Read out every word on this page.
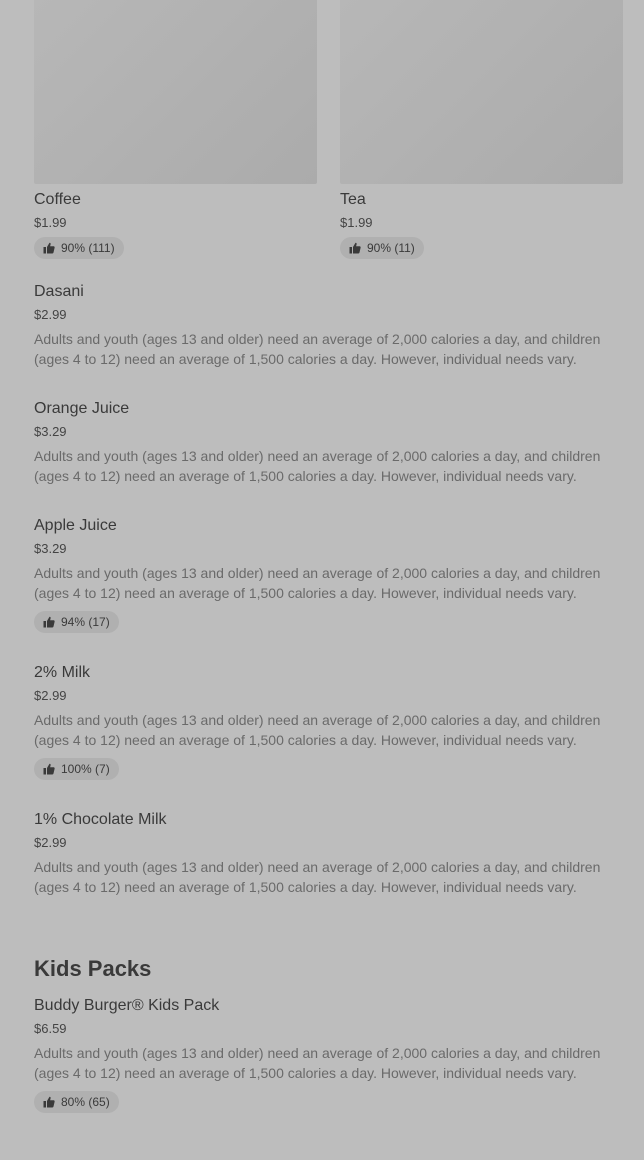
Coffee
$1.99
90% (111)
Tea
$1.99
90% (11)
Dasani
$2.99
Adults and youth (ages 13 and older) need an average of 2,000 calories a day, and children (ages 4 to 12) need an average of 1,500 calories a day. However, individual needs vary.
Orange Juice
$3.29
Adults and youth (ages 13 and older) need an average of 2,000 calories a day, and children (ages 4 to 12) need an average of 1,500 calories a day. However, individual needs vary.
Apple Juice
$3.29
Adults and youth (ages 13 and older) need an average of 2,000 calories a day, and children (ages 4 to 12) need an average of 1,500 calories a day. However, individual needs vary.
94% (17)
2% Milk
$2.99
Adults and youth (ages 13 and older) need an average of 2,000 calories a day, and children (ages 4 to 12) need an average of 1,500 calories a day. However, individual needs vary.
100% (7)
1% Chocolate Milk
$2.99
Adults and youth (ages 13 and older) need an average of 2,000 calories a day, and children (ages 4 to 12) need an average of 1,500 calories a day. However, individual needs vary.
Kids Packs
Buddy Burger® Kids Pack
$6.59
Adults and youth (ages 13 and older) need an average of 2,000 calories a day, and children (ages 4 to 12) need an average of 1,500 calories a day. However, individual needs vary.
80% (65)
